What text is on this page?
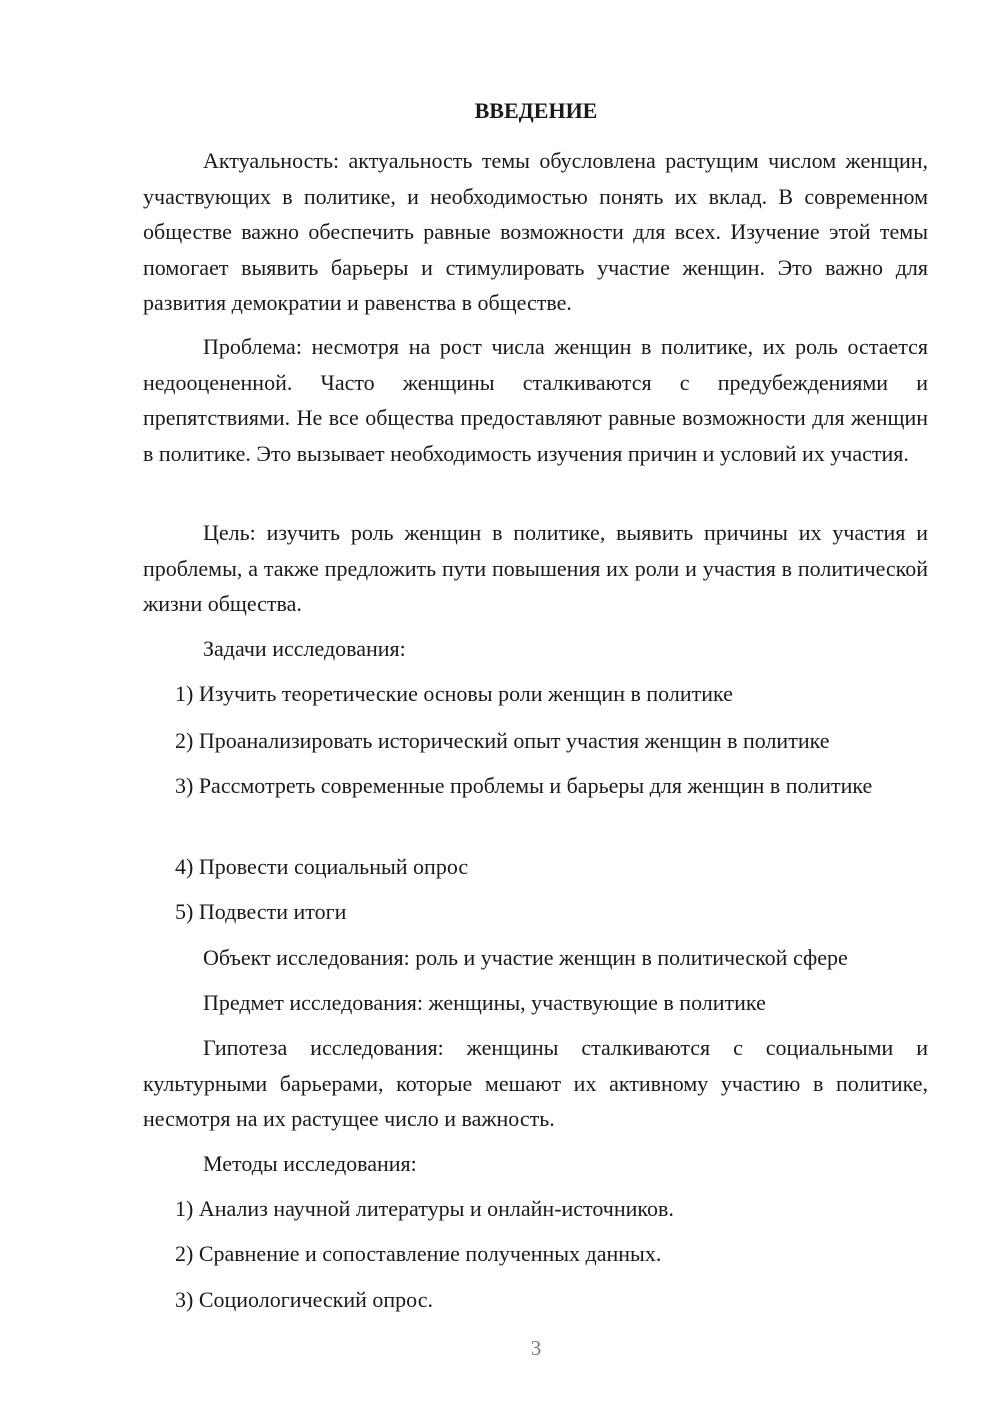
ВВЕДЕНИЕ

Актуальность: актуальность темы обусловлена растущим числом женщин, участвующих в политике, и необходимостью понять их вклад. В современном обществе важно обеспечить равные возможности для всех. Изучение этой темы помогает выявить барьеры и стимулировать участие женщин. Это важно для развития демократии и равенства в обществе.

Проблема: несмотря на рост числа женщин в политике, их роль остается недооцененной. Часто женщины сталкиваются с предубеждениями и препятствиями. Не все общества предоставляют равные возможности для женщин в политике. Это вызывает необходимость изучения причин и условий их участия.

Цель: изучить роль женщин в политике, выявить причины их участия и проблемы, а также предложить пути повышения их роли и участия в политической жизни общества.

Задачи исследования:

1) Изучить теоретические основы роли женщин в политике

2) Проанализировать исторический опыт участия женщин в политике

3) Рассмотреть современные проблемы и барьеры для женщин в политике

4) Провести социальный опрос

5) Подвести итоги

Объект исследования: роль и участие женщин в политической сфере

Предмет исследования: женщины, участвующие в политике

Гипотеза исследования: женщины сталкиваются с социальными и культурными барьерами, которые мешают их активному участию в политике, несмотря на их растущее число и важность.

Методы исследования:

1) Анализ научной литературы и онлайн-источников.

2) Сравнение и сопоставление полученных данных.

3) Социологический опрос.

3
